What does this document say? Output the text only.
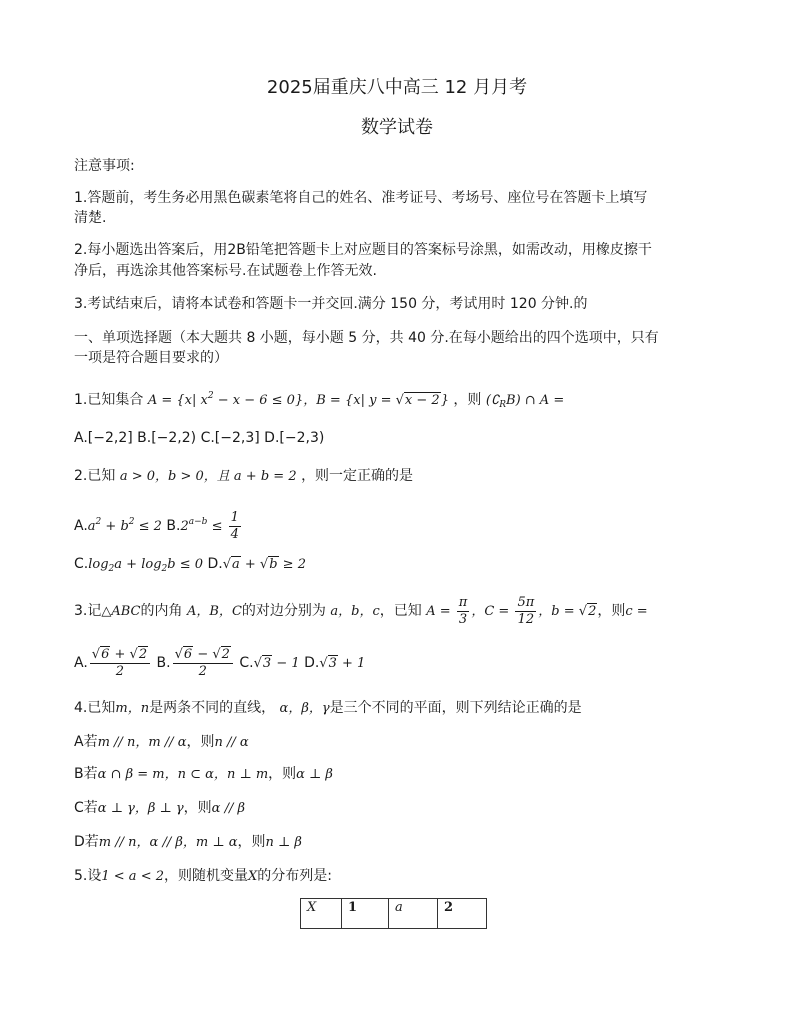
2025届重庆八中高三 12 月月考
数学试卷
注意事项:
1.答题前，考生务必用黑色碳素笔将自己的姓名、准考证号、考场号、座位号在答题卡上填写
清楚.
2.每小题选出答案后，用2B铅笔把答题卡上对应题目的答案标号涂黑，如需改动，用橡皮擦干
净后，再选涂其他答案标号.在试题卷上作答无效.
3.考试结束后，请将本试卷和答题卡一并交回.满分 150 分，考试用时 120 分钟.的
一、单项选择题（本大题共 8 小题，每小题 5 分，共 40 分.在每小题给出的四个选项中，只有
一项是符合题目要求的）
1.已知集合 A = {x| $x^2 - x - 6 \le 0$}，B = {x| y = √x − 2} ，则 $(∁_RB)$ ∩ A =
A.[−2,2] B.[−2,2) C.[−2,3] D.[−2,3)
2.已知 a > 0，b > 0，且 a + b = 2 ，则一定正确的是
$A.a^2 + b^2 \le 2$ $B.2^{a-b} \le \frac{1}{4}$
$C.\log_2a + \log_2b \le 0$ D.√a + √b ≥ 2
3.记△ABC的内角 A，B，C的对边分别为 a，b，c，已知 $A = \frac{\pi}{3}$ ，$C = \frac{5\pi}{12}$ ，b = √2，则c =
A. $\frac{√6 + √2}{2} B$. $\frac{√6 - √2}{2} C.√3 - 1$ D.√3 + 1
4.已知m，n是两条不同的直线， α，β，γ是三个不同的平面，则下列结论正确的是
A若m // n，m // α，则n // α
B若α ∩ β = m，n ⊂ α，n ⊥ m，则α ⊥ β
C若α ⊥ γ，β ⊥ γ，则α // β
D若m // n，α // β，m ⊥ α，则n ⊥ β
5.设1 < a < 2，则随机变量X的分布列是:
X	1	a	2
